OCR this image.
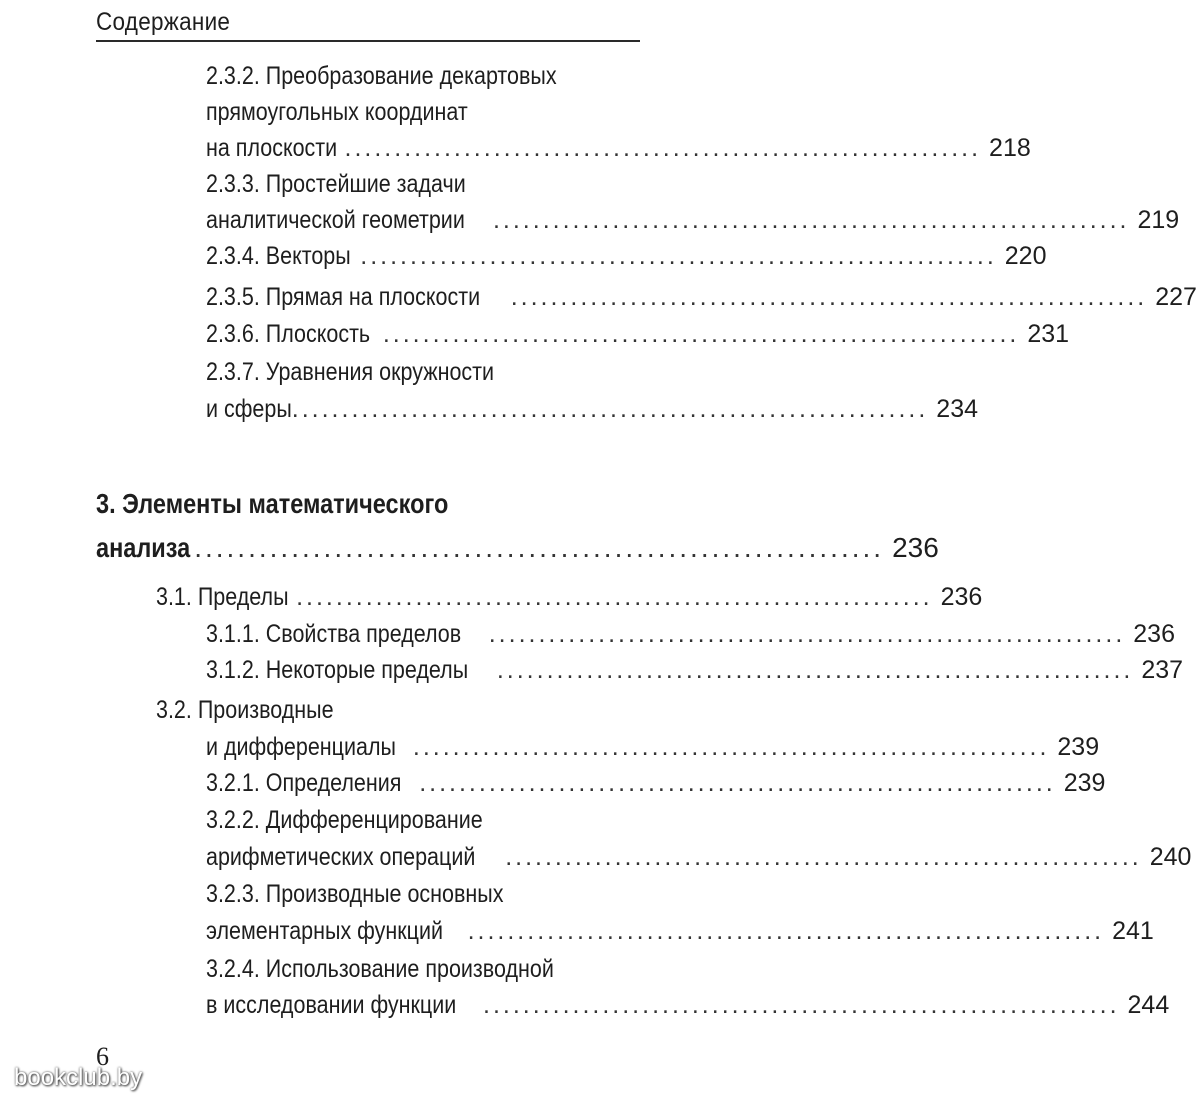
Содержание
2.3.2. Преобразование декартовых
прямоугольных координат
на плоскости ................................................................ 218
2.3.3. Простейшие задачи
аналитической геометрии ................................................................ 219
2.3.4. Векторы ................................................................ 220
2.3.5. Прямая на плоскости ................................................................ 227
2.3.6. Плоскость ................................................................ 231
2.3.7. Уравнения окружности
и сферы ................................................................ 234
3. Элементы математического
анализа ................................................................ 236
3.1. Пределы ................................................................ 236
3.1.1. Свойства пределов ................................................................ 236
3.1.2. Некоторые пределы ................................................................ 237
3.2. Производные
и дифференциалы ................................................................ 239
3.2.1. Определения ................................................................ 239
3.2.2. Дифференцирование
арифметических операций ................................................................ 240
3.2.3. Производные основных
элементарных функций ................................................................ 241
3.2.4. Использование производной
в исследовании функции ................................................................ 244
6
bookclub.by
